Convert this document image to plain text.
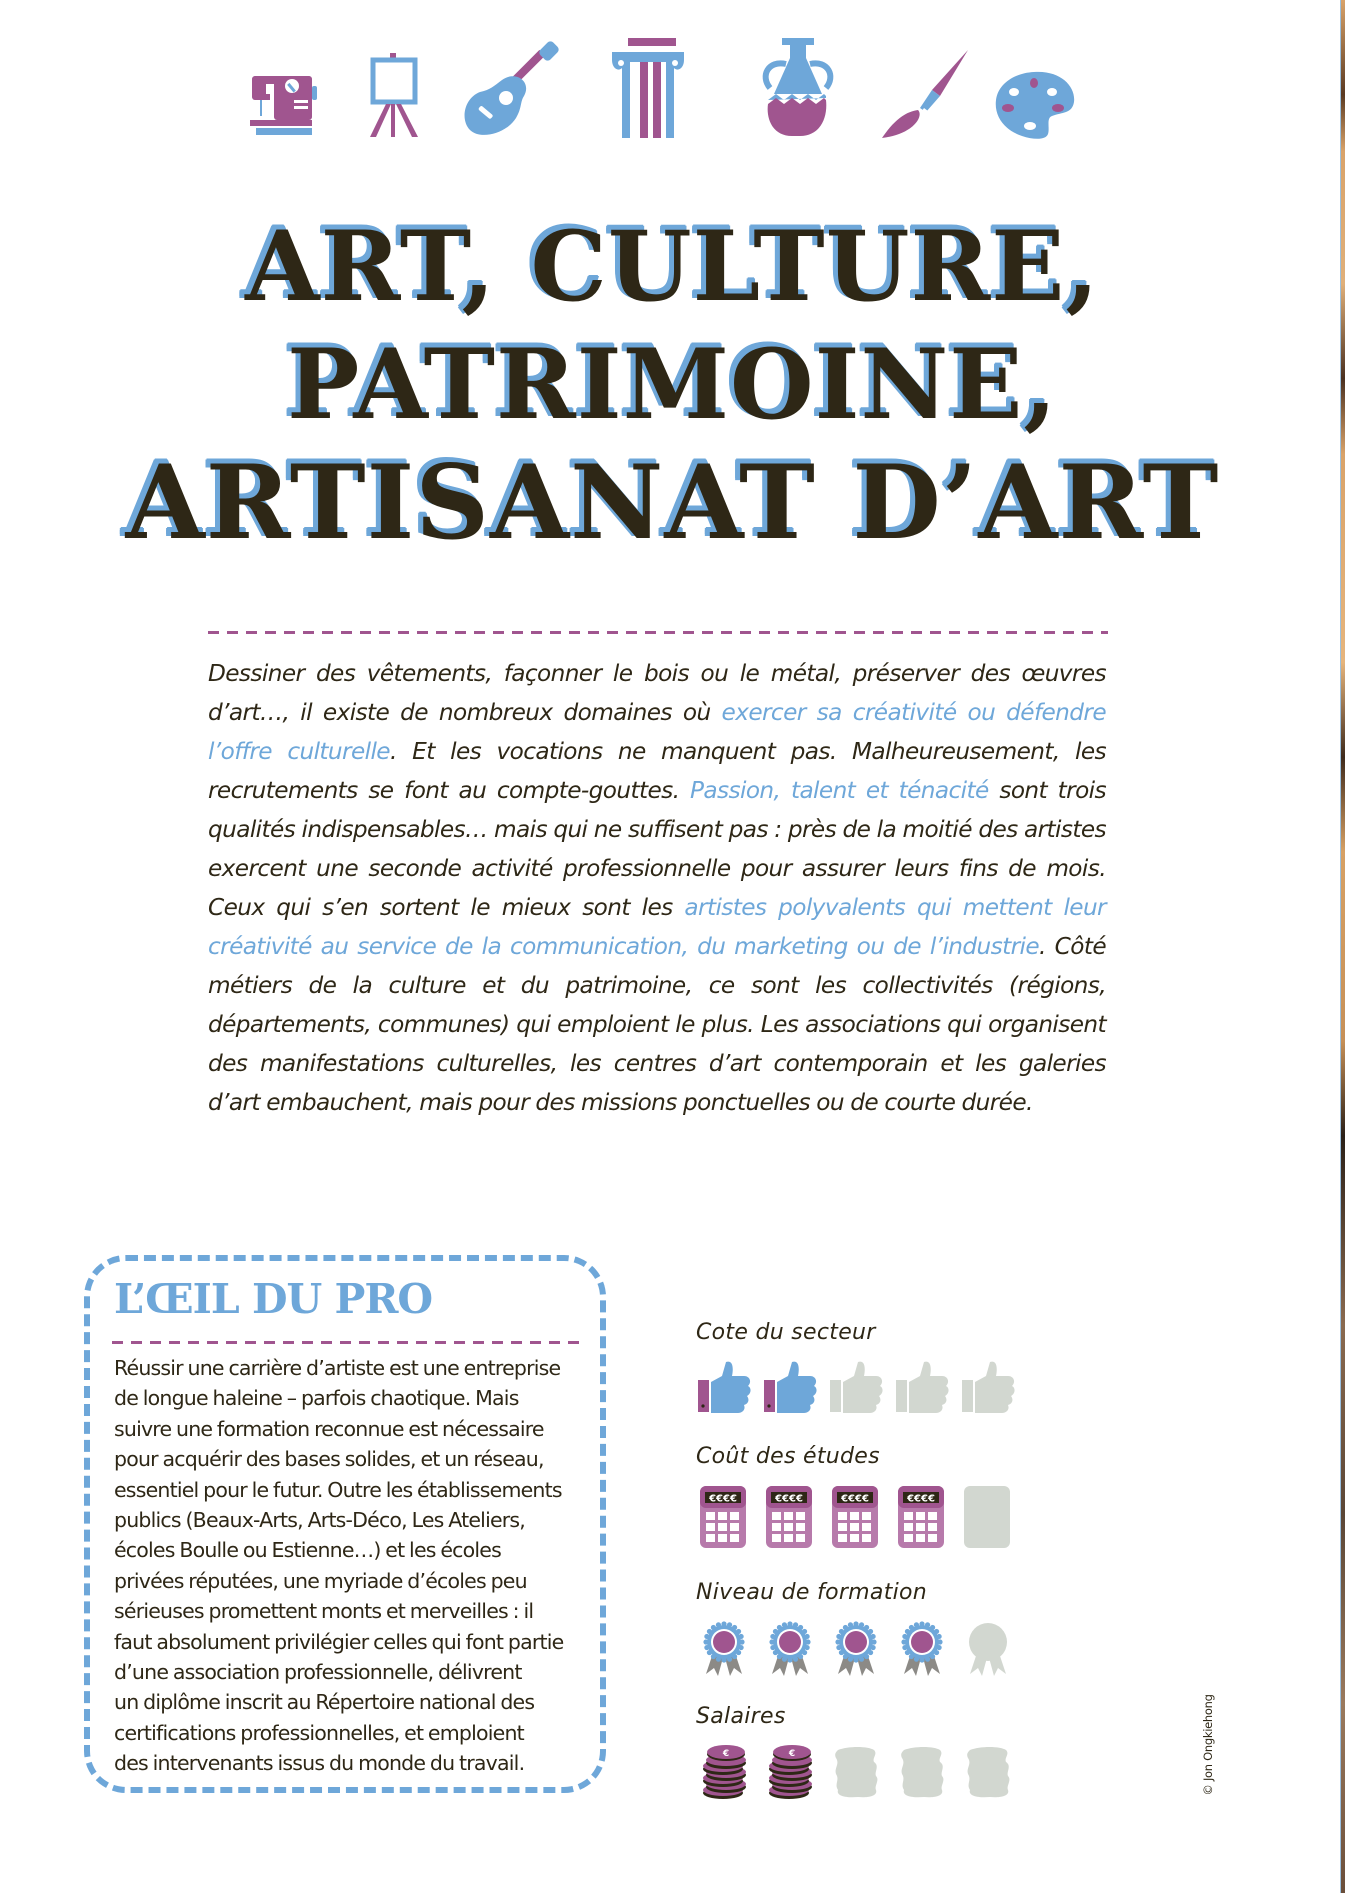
ART, CULTURE,
PATRIMOINE,
ARTISANAT D’ART

Dessiner des vêtements, façonner le bois ou le métal, préserver des œuvres d’art…, il existe de nombreux domaines où exercer sa créativité ou défendre l’offre culturelle. Et les vocations ne manquent pas. Malheureusement, les recrutements se font au compte-gouttes. Passion, talent et ténacité sont trois qualités indispensables… mais qui ne suffisent pas : près de la moitié des artistes exercent une seconde activité professionnelle pour assurer leurs fins de mois. Ceux qui s’en sortent le mieux sont les artistes polyvalents qui mettent leur créativité au service de la communication, du marketing ou de l’industrie. Côté métiers de la culture et du patrimoine, ce sont les collectivités (régions, départements, communes) qui emploient le plus. Les associations qui organisent des manifestations culturelles, les centres d’art contemporain et les galeries d’art embauchent, mais pour des missions ponctuelles ou de courte durée.

L’ŒIL DU PRO
Réussir une carrière d’artiste est une entreprise
de longue haleine – parfois chaotique. Mais
suivre une formation reconnue est nécessaire
pour acquérir des bases solides, et un réseau,
essentiel pour le futur. Outre les établissements
publics (Beaux-Arts, Arts-Déco, Les Ateliers,
écoles Boulle ou Estienne…) et les écoles
privées réputées, une myriade d’écoles peu
sérieuses promettent monts et merveilles : il
faut absolument privilégier celles qui font partie
d’une association professionnelle, délivrent
un diplôme inscrit au Répertoire national des
certifications professionnelles, et emploient
des intervenants issus du monde du travail.
Cote du secteur
Coût des études
€€€€	€€€€	€€€€	€€€€
Niveau de formation
Salaires
€	€	© Jon Ongkiehong
